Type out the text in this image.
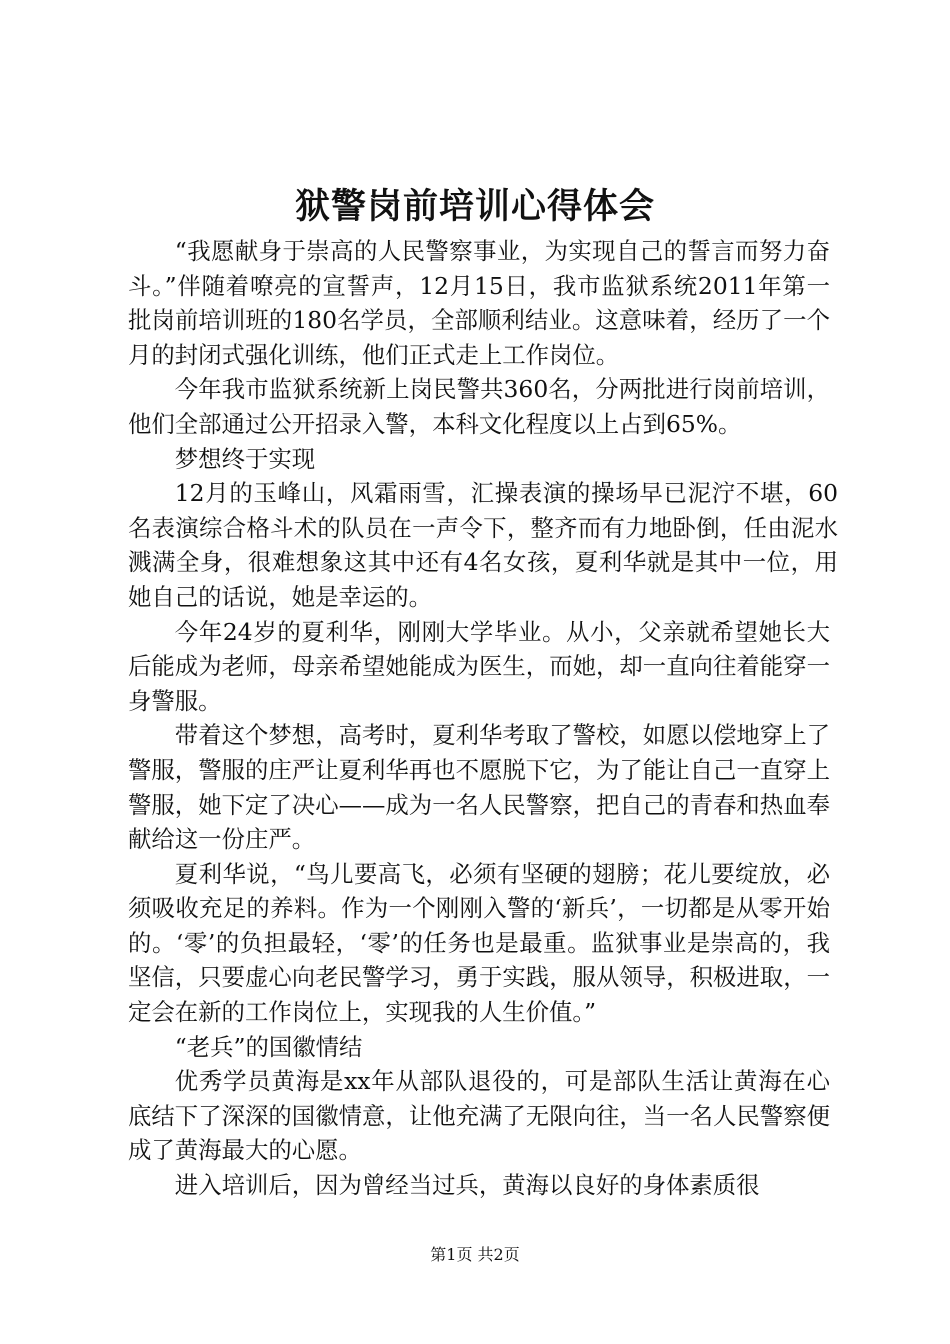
狱警岗前培训心得体会

“我愿献身于崇高的人民警察事业，为实现自己的誓言而努力奋斗。”伴随着嘹亮的宣誓声，12月15日，我市监狱系统2011年第一批岗前培训班的180名学员，全部顺利结业。这意味着，经历了一个月的封闭式强化训练，他们正式走上工作岗位。

今年我市监狱系统新上岗民警共360名，分两批进行岗前培训，他们全部通过公开招录入警，本科文化程度以上占到65%。

梦想终于实现

12月的玉峰山，风霜雨雪，汇操表演的操场早已泥泞不堪，60名表演综合格斗术的队员在一声令下，整齐而有力地卧倒，任由泥水溅满全身，很难想象这其中还有4名女孩，夏利华就是其中一位，用她自己的话说，她是幸运的。

今年24岁的夏利华，刚刚大学毕业。从小，父亲就希望她长大后能成为老师，母亲希望她能成为医生，而她，却一直向往着能穿一身警服。

带着这个梦想，高考时，夏利华考取了警校，如愿以偿地穿上了警服，警服的庄严让夏利华再也不愿脱下它，为了能让自己一直穿上警服，她下定了决心——成为一名人民警察，把自己的青春和热血奉献给这一份庄严。

夏利华说，“鸟儿要高飞，必须有坚硬的翅膀；花儿要绽放，必须吸收充足的养料。作为一个刚刚入警的‘新兵’，一切都是从零开始的。‘零’的负担最轻，‘零’的任务也是最重。监狱事业是崇高的，我坚信，只要虚心向老民警学习，勇于实践，服从领导，积极进取，一定会在新的工作岗位上，实现我的人生价值。”

“老兵”的国徽情结

优秀学员黄海是xx年从部队退役的，可是部队生活让黄海在心底结下了深深的国徽情意，让他充满了无限向往，当一名人民警察便成了黄海最大的心愿。

进入培训后，因为曾经当过兵，黄海以良好的身体素质很

第1页 共2页
